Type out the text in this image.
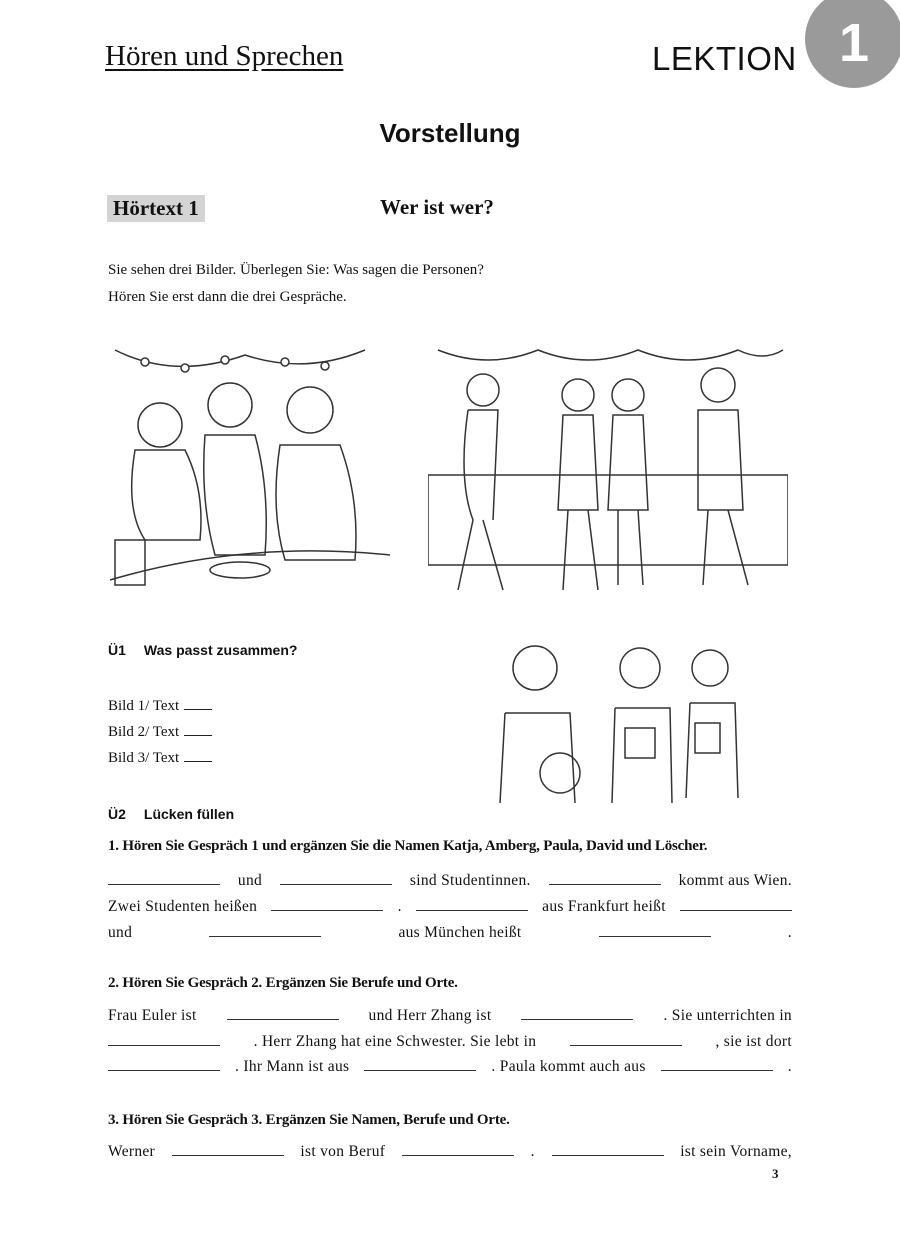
Hören und Sprechen	LEKTION 1
Vorstellung
Hörtext 1	Wer ist wer?
Sie sehen drei Bilder. Überlegen Sie: Was sagen die Personen?
Hören Sie erst dann die drei Gespräche.
Ü1 Was passt zusammen?
Bild 1/ Text
Bild 2/ Text
Bild 3/ Text
Ü2 Lücken füllen
1. Hören Sie Gespräch 1 und ergänzen Sie die Namen Katja, Amberg, Paula, David und Löscher.
und	sind Studentinnen.	kommt aus Wien.
Zwei Studenten heißen	.	aus Frankfurt heißt
und	aus München heißt	.
2. Hören Sie Gespräch 2. Ergänzen Sie Berufe und Orte.
Frau Euler ist	und Herr Zhang ist	. Sie unterrichten in
. Herr Zhang hat eine Schwester. Sie lebt in	, sie ist dort
. Ihr Mann ist aus	. Paula kommt auch aus	.
3. Hören Sie Gespräch 3. Ergänzen Sie Namen, Berufe und Orte.
Werner	ist von Beruf	.	ist sein Vorname,
3
